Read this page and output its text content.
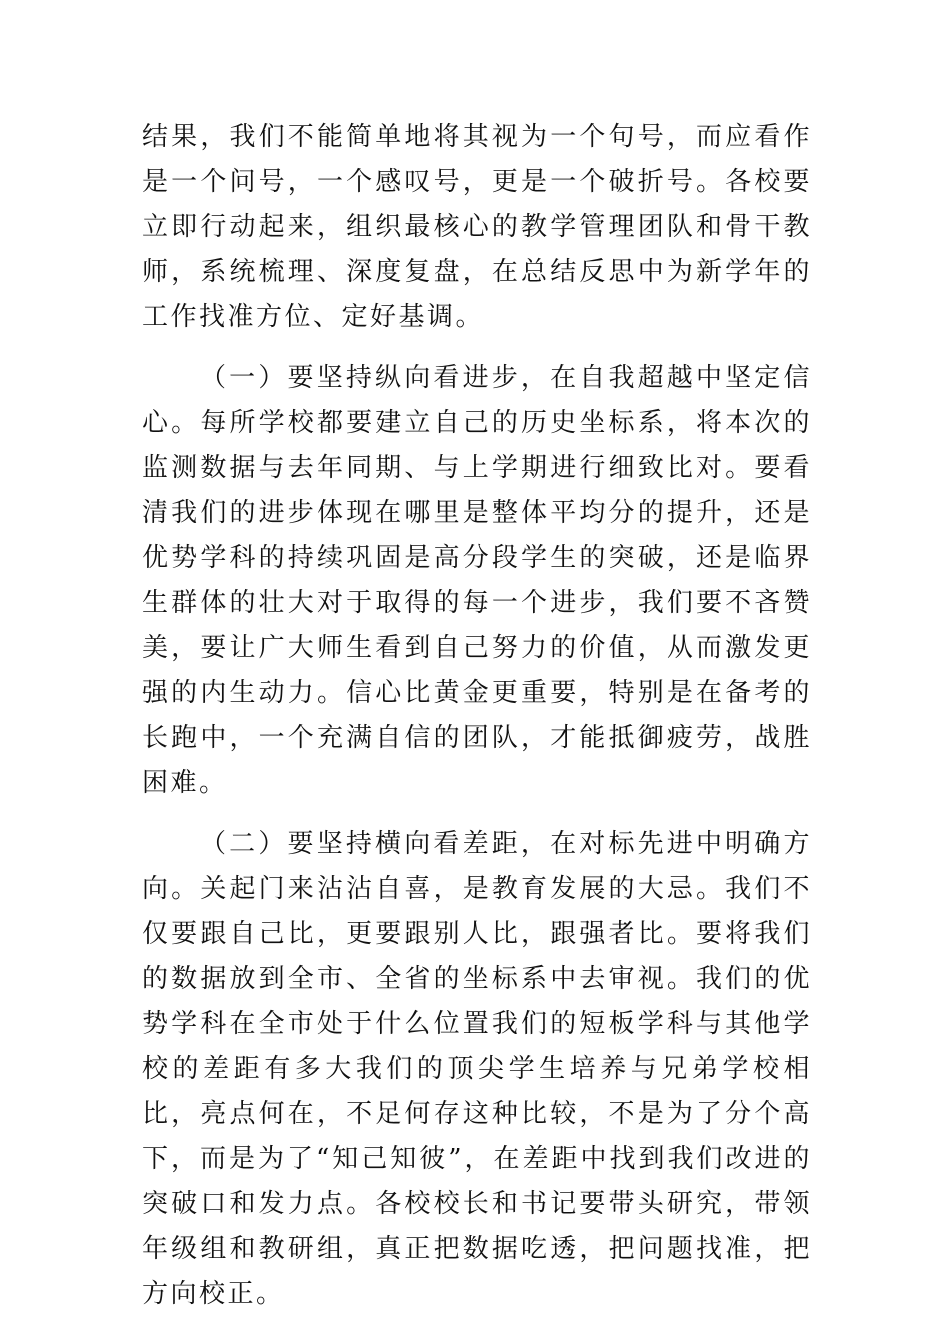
结果，我们不能简单地将其视为一个句号，而应看作是一个问号，一个感叹号，更是一个破折号。各校要立即行动起来，组织最核心的教学管理团队和骨干教师，系统梳理、深度复盘，在总结反思中为新学年的工作找准方位、定好基调。

（一）要坚持纵向看进步，在自我超越中坚定信心。每所学校都要建立自己的历史坐标系，将本次的监测数据与去年同期、与上学期进行细致比对。要看清我们的进步体现在哪里是整体平均分的提升，还是优势学科的持续巩固是高分段学生的突破，还是临界生群体的壮大对于取得的每一个进步，我们要不吝赞美，要让广大师生看到自己努力的价值，从而激发更强的内生动力。信心比黄金更重要，特别是在备考的长跑中，一个充满自信的团队，才能抵御疲劳，战胜困难。

（二）要坚持横向看差距，在对标先进中明确方向。关起门来沾沾自喜，是教育发展的大忌。我们不仅要跟自己比，更要跟别人比，跟强者比。要将我们的数据放到全市、全省的坐标系中去审视。我们的优势学科在全市处于什么位置我们的短板学科与其他学校的差距有多大我们的顶尖学生培养与兄弟学校相比，亮点何在，不足何存这种比较，不是为了分个高下，而是为了“知己知彼”，在差距中找到我们改进的突破口和发力点。各校校长和书记要带头研究，带领年级组和教研组，真正把数据吃透，把问题找准，把方向校正。
